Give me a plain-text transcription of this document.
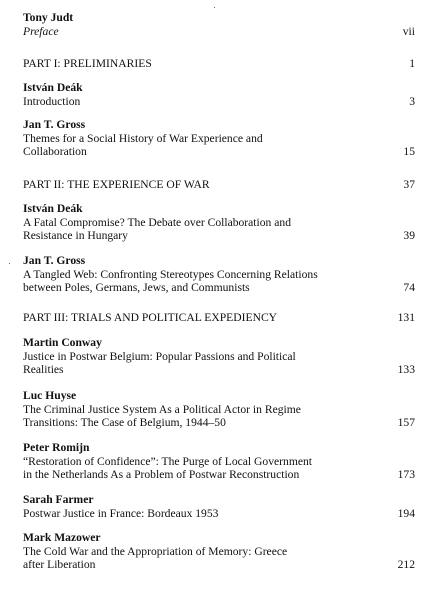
Tony Judt
Preface	vii
PART I: PRELIMINARIES	1
István Deák
Introduction	3
Jan T. Gross
Themes for a Social History of War Experience and
Collaboration	15
PART II: THE EXPERIENCE OF WAR	37
István Deák
A Fatal Compromise? The Debate over Collaboration and
Resistance in Hungary	39
Jan T. Gross
A Tangled Web: Confronting Stereotypes Concerning Relations
between Poles, Germans, Jews, and Communists	74
PART III: TRIALS AND POLITICAL EXPEDIENCY	131
Martin Conway
Justice in Postwar Belgium: Popular Passions and Political
Realities	133
Luc Huyse
The Criminal Justice System As a Political Actor in Regime
Transitions: The Case of Belgium, 1944–50	157
Peter Romijn
“Restoration of Confidence”: The Purge of Local Government
in the Netherlands As a Problem of Postwar Reconstruction	173
Sarah Farmer
Postwar Justice in France: Bordeaux 1953	194
Mark Mazower
The Cold War and the Appropriation of Memory: Greece
after Liberation	212
